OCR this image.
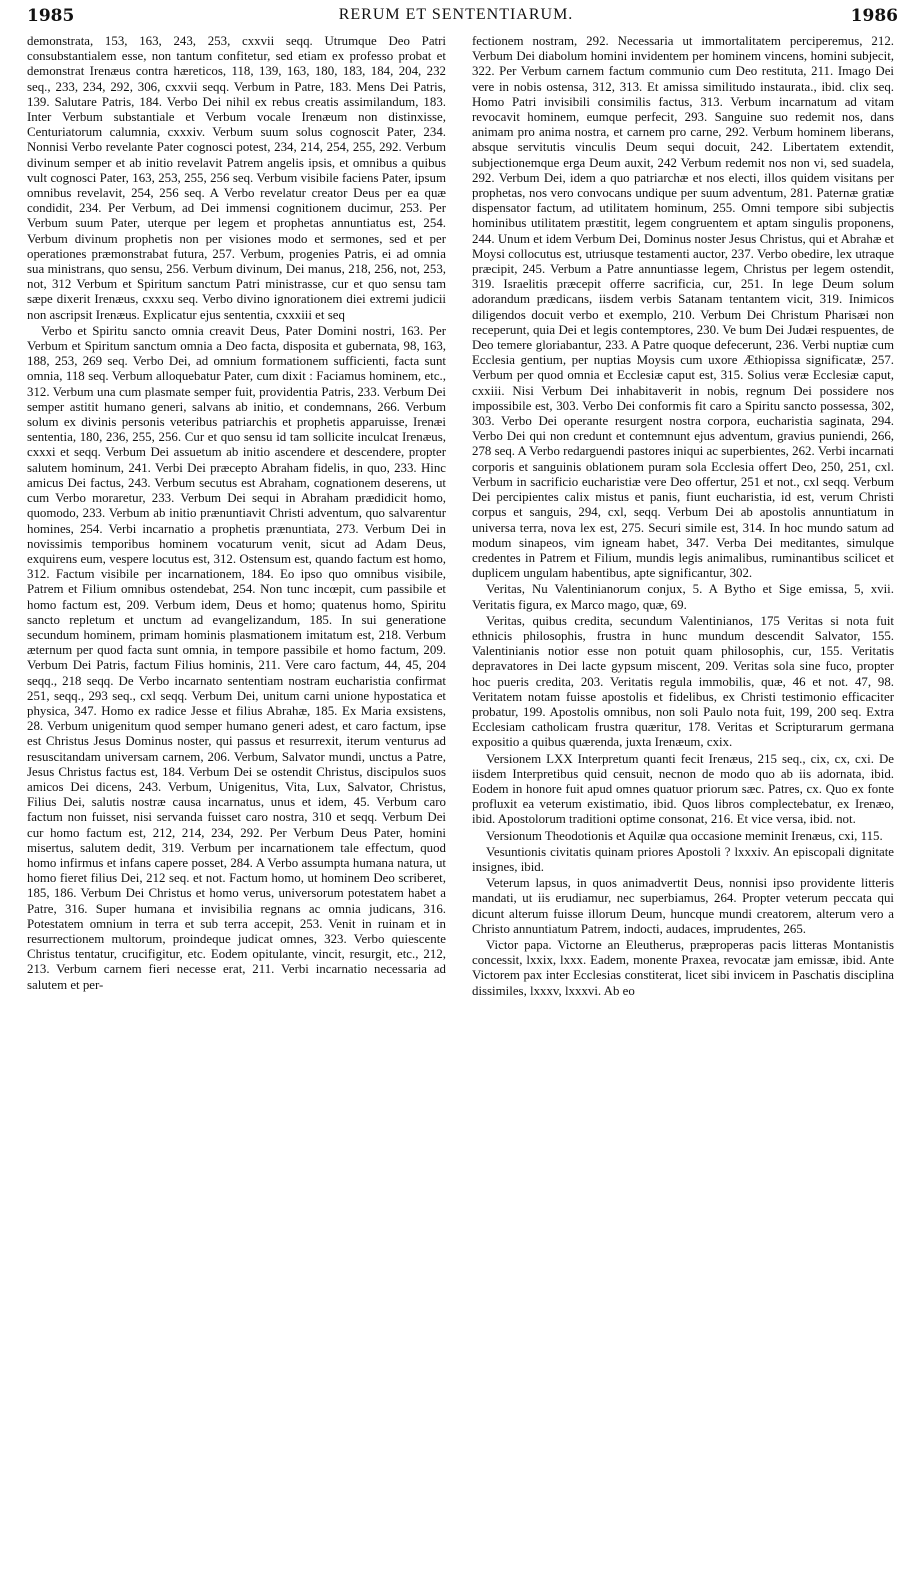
1985	RERUM ET SENTENTIARUM.	1986

demonstrata, 153, 163, 243, 253, cxxvii seqq. Utrumque Deo Patri consubstantialem esse, non tantum confitetur, sed etiam ex professo probat et demonstrat Irenæus contra hæreticos, 118, 139, 163, 180, 183, 184, 204, 232 seq., 233, 234, 292, 306, cxxvii seqq. Verbum in Patre, 183. Mens Dei Patris, 139. Salutare Patris, 184. Verbo Dei nihil ex rebus creatis assimilandum, 183. Inter Verbum substantiale et Verbum vocale Irenæum non distinxisse, Centuriatorum calumnia, cxxxiv. Verbum suum solus cognoscit Pater, 234. Nonnisi Verbo revelante Pater cognosci potest, 234, 214, 254, 255, 292. Verbum divinum semper et ab initio revelavit Patrem angelis ipsis, et omnibus a quibus vult cognosci Pater, 163, 253, 255, 256 seq. Verbum visibile faciens Pater, ipsum omnibus revelavit, 254, 256 seq. A Verbo revelatur creator Deus per ea quæ condidit, 234. Per Verbum, ad Dei immensi cognitionem ducimur, 253. Per Verbum suum Pater, uterque per legem et prophetas annuntiatus est, 254. Verbum divinum prophetis non per visiones modo et sermones, sed et per operationes præmonstrabat futura, 257. Verbum, progenies Patris, ei ad omnia sua ministrans, quo sensu, 256. Verbum divinum, Dei manus, 218, 256, not, 253, not, 312 Verbum et Spiritum sanctum Patri ministrasse, cur et quo sensu tam sæpe dixerit Irenæus, cxxxu seq. Verbo divino ignorationem diei extremi judicii non ascripsit Irenæus. Explicatur ejus sententia, cxxxiii et seq

Verbo et Spiritu sancto omnia creavit Deus, Pater Domini nostri, 163. Per Verbum et Spiritum sanctum omnia a Deo facta, disposita et gubernata, 98, 163, 188, 253, 269 seq. Verbo Dei, ad omnium formationem sufficienti, facta sunt omnia, 118 seq. Verbum alloquebatur Pater, cum dixit : Faciamus hominem, etc., 312. Verbum una cum plasmate semper fuit, providentia Patris, 233. Verbum Dei semper astitit humano generi, salvans ab initio, et condemnans, 266. Verbum solum ex divinis personis veteribus patriarchis et prophetis apparuisse, Irenæi sententia, 180, 236, 255, 256. Cur et quo sensu id tam sollicite inculcat Irenæus, cxxxi et seqq. Verbum Dei assuetum ab initio ascendere et descendere, propter salutem hominum, 241. Verbi Dei præcepto Abraham fidelis, in quo, 233. Hinc amicus Dei factus, 243. Verbum secutus est Abraham, cognationem deserens, ut cum Verbo moraretur, 233. Verbum Dei sequi in Abraham prædidicit homo, quomodo, 233. Verbum ab initio prænuntiavit Christi adventum, quo salvarentur homines, 254. Verbi incarnatio a prophetis prænuntiata, 273. Verbum Dei in novissimis temporibus hominem vocaturum venit, sicut ad Adam Deus, exquirens eum, vespere locutus est, 312. Ostensum est, quando factum est homo, 312. Factum visibile per incarnationem, 184. Eo ipso quo omnibus visibile, Patrem et Filium omnibus ostendebat, 254. Non tunc incœpit, cum passibile et homo factum est, 209. Verbum idem, Deus et homo; quatenus homo, Spiritu sancto repletum et unctum ad evangelizandum, 185. In sui generatione secundum hominem, primam hominis plasmationem imitatum est, 218. Verbum æternum per quod facta sunt omnia, in tempore passibile et homo factum, 209. Verbum Dei Patris, factum Filius hominis, 211. Vere caro factum, 44, 45, 204 seqq., 218 seqq. De Verbo incarnato sententiam nostram eucharistia confirmat 251, seqq., 293 seq., cxl seqq. Verbum Dei, unitum carni unione hypostatica et physica, 347. Homo ex radice Jesse et filius Abrahæ, 185. Ex Maria exsistens, 28. Verbum unigenitum quod semper humano generi adest, et caro factum, ipse est Christus Jesus Dominus noster, qui passus et resurrexit, iterum venturus ad resuscitandam universam carnem, 206. Verbum, Salvator mundi, unctus a Patre, Jesus Christus factus est, 184. Verbum Dei se ostendit Christus, discipulos suos amicos Dei dicens, 243. Verbum, Unigenitus, Vita, Lux, Salvator, Christus, Filius Dei, salutis nostræ causa incarnatus, unus et idem, 45. Verbum caro factum non fuisset, nisi servanda fuisset caro nostra, 310 et seqq. Verbum Dei cur homo factum est, 212, 214, 234, 292. Per Verbum Deus Pater, homini misertus, salutem dedit, 319. Verbum per incarnationem tale effectum, quod homo infirmus et infans capere posset, 284. A Verbo assumpta humana natura, ut homo fieret filius Dei, 212 seq. et not. Factum homo, ut hominem Deo scriberet, 185, 186. Verbum Dei Christus et homo verus, universorum potestatem habet a Patre, 316. Super humana et invisibilia regnans ac omnia judicans, 316. Potestatem omnium in terra et sub terra accepit, 253. Venit in ruinam et in resurrectionem multorum, proindeque judicat omnes, 323. Verbo quiescente Christus tentatur, crucifigitur, etc. Eodem opitulante, vincit, resurgit, etc., 212, 213. Verbum carnem fieri necesse erat, 211. Verbi incarnatio necessaria ad salutem et per-

fectionem nostram, 292. Necessaria ut immortalitatem perciperemus, 212. Verbum Dei diabolum homini invidentem per hominem vincens, homini subjecit, 322. Per Verbum carnem factum communio cum Deo restituta, 211. Imago Dei vere in nobis ostensa, 312, 313. Et amissa similitudo instaurata., ibid. clix seq. Homo Patri invisibili consimilis factus, 313. Verbum incarnatum ad vitam revocavit hominem, eumque perfecit, 293. Sanguine suo redemit nos, dans animam pro anima nostra, et carnem pro carne, 292. Verbum hominem liberans, absque servitutis vinculis Deum sequi docuit, 242. Libertatem extendit, subjectionemque erga Deum auxit, 242 Verbum redemit nos non vi, sed suadela, 292. Verbum Dei, idem a quo patriarchæ et nos electi, illos quidem visitans per prophetas, nos vero convocans undique per suum adventum, 281. Paternæ gratiæ dispensator factum, ad utilitatem hominum, 255. Omni tempore sibi subjectis hominibus utilitatem præstitit, legem congruentem et aptam singulis proponens, 244. Unum et idem Verbum Dei, Dominus noster Jesus Christus, qui et Abrahæ et Moysi collocutus est, utriusque testamenti auctor, 237. Verbo obedire, lex utraque præcipit, 245. Verbum a Patre annuntiasse legem, Christus per legem ostendit, 319. Israelitis præcepit offerre sacrificia, cur, 251. In lege Deum solum adorandum prædicans, iisdem verbis Satanam tentantem vicit, 319. Inimicos diligendos docuit verbo et exemplo, 210. Verbum Dei Christum Pharisæi non receperunt, quia Dei et legis contemptores, 230. Ve bum Dei Judæi respuentes, de Deo temere gloriabantur, 233. A Patre quoque defecerunt, 236. Verbi nuptiæ cum Ecclesia gentium, per nuptias Moysis cum uxore Æthiopissa significatæ, 257. Verbum per quod omnia et Ecclesiæ caput est, 315. Solius veræ Ecclesiæ caput, cxxiii. Nisi Verbum Dei inhabitaverit in nobis, regnum Dei possidere nos impossibile est, 303. Verbo Dei conformis fit caro a Spiritu sancto possessa, 302, 303. Verbo Dei operante resurgent nostra corpora, eucharistia saginata, 294. Verbo Dei qui non credunt et contemnunt ejus adventum, gravius puniendi, 266, 278 seq. A Verbo redarguendi pastores iniqui ac superbientes, 262. Verbi incarnati corporis et sanguinis oblationem puram sola Ecclesia offert Deo, 250, 251, cxl. Verbum in sacrificio eucharistiæ vere Deo offertur, 251 et not., cxl seqq. Verbum Dei percipientes calix mistus et panis, fiunt eucharistia, id est, verum Christi corpus et sanguis, 294, cxl, seqq. Verbum Dei ab apostolis annuntiatum in universa terra, nova lex est, 275. Securi simile est, 314. In hoc mundo satum ad modum sinapeos, vim igneam habet, 347. Verba Dei meditantes, simulque credentes in Patrem et Filium, mundis legis animalibus, ruminantibus scilicet et duplicem ungulam habentibus, apte significantur, 302.

Veritas, Nu Valentinianorum conjux, 5. A Bytho et Sige emissa, 5, xvii. Veritatis figura, ex Marco mago, quæ, 69.

Veritas, quibus credita, secundum Valentinianos, 175 Veritas si nota fuit ethnicis philosophis, frustra in hunc mundum descendit Salvator, 155. Valentinianis notior esse non potuit quam philosophis, cur, 155. Veritatis depravatores in Dei lacte gypsum miscent, 209. Veritas sola sine fuco, propter hoc pueris credita, 203. Veritatis regula immobilis, quæ, 46 et not. 47, 98. Veritatem notam fuisse apostolis et fidelibus, ex Christi testimonio efficaciter probatur, 199. Apostolis omnibus, non soli Paulo nota fuit, 199, 200 seq. Extra Ecclesiam catholicam frustra quæritur, 178. Veritas et Scripturarum germana expositio a quibus quærenda, juxta Irenæum, cxix.

Versionem LXX Interpretum quanti fecit Irenæus, 215 seq., cix, cx, cxi. De iisdem Interpretibus quid censuit, necnon de modo quo ab iis adornata, ibid. Eodem in honore fuit apud omnes quatuor priorum sæc. Patres, cx. Quo ex fonte profluxit ea veterum existimatio, ibid. Quos libros complectebatur, ex Irenæo, ibid. Apostolorum traditioni optime consonat, 216. Et vice versa, ibid. not.

Versionum Theodotionis et Aquilæ qua occasione meminit Irenæus, cxi, 115.

Vesuntionis civitatis quinam priores Apostoli ? lxxxiv. An episcopali dignitate insignes, ibid.

Veterum lapsus, in quos animadvertit Deus, nonnisi ipso providente litteris mandati, ut iis erudiamur, nec superbiamus, 264. Propter veterum peccata qui dicunt alterum fuisse illorum Deum, huncque mundi creatorem, alterum vero a Christo annuntiatum Patrem, indocti, audaces, imprudentes, 265.

Victor papa. Victorne an Eleutherus, præproperas pacis litteras Montanistis concessit, lxxix, lxxx. Eadem, monente Praxea, revocatæ jam emissæ, ibid. Ante Victorem pax inter Ecclesias constiterat, licet sibi invicem in Paschatis disciplina dissimiles, lxxxv, lxxxvi. Ab eo
